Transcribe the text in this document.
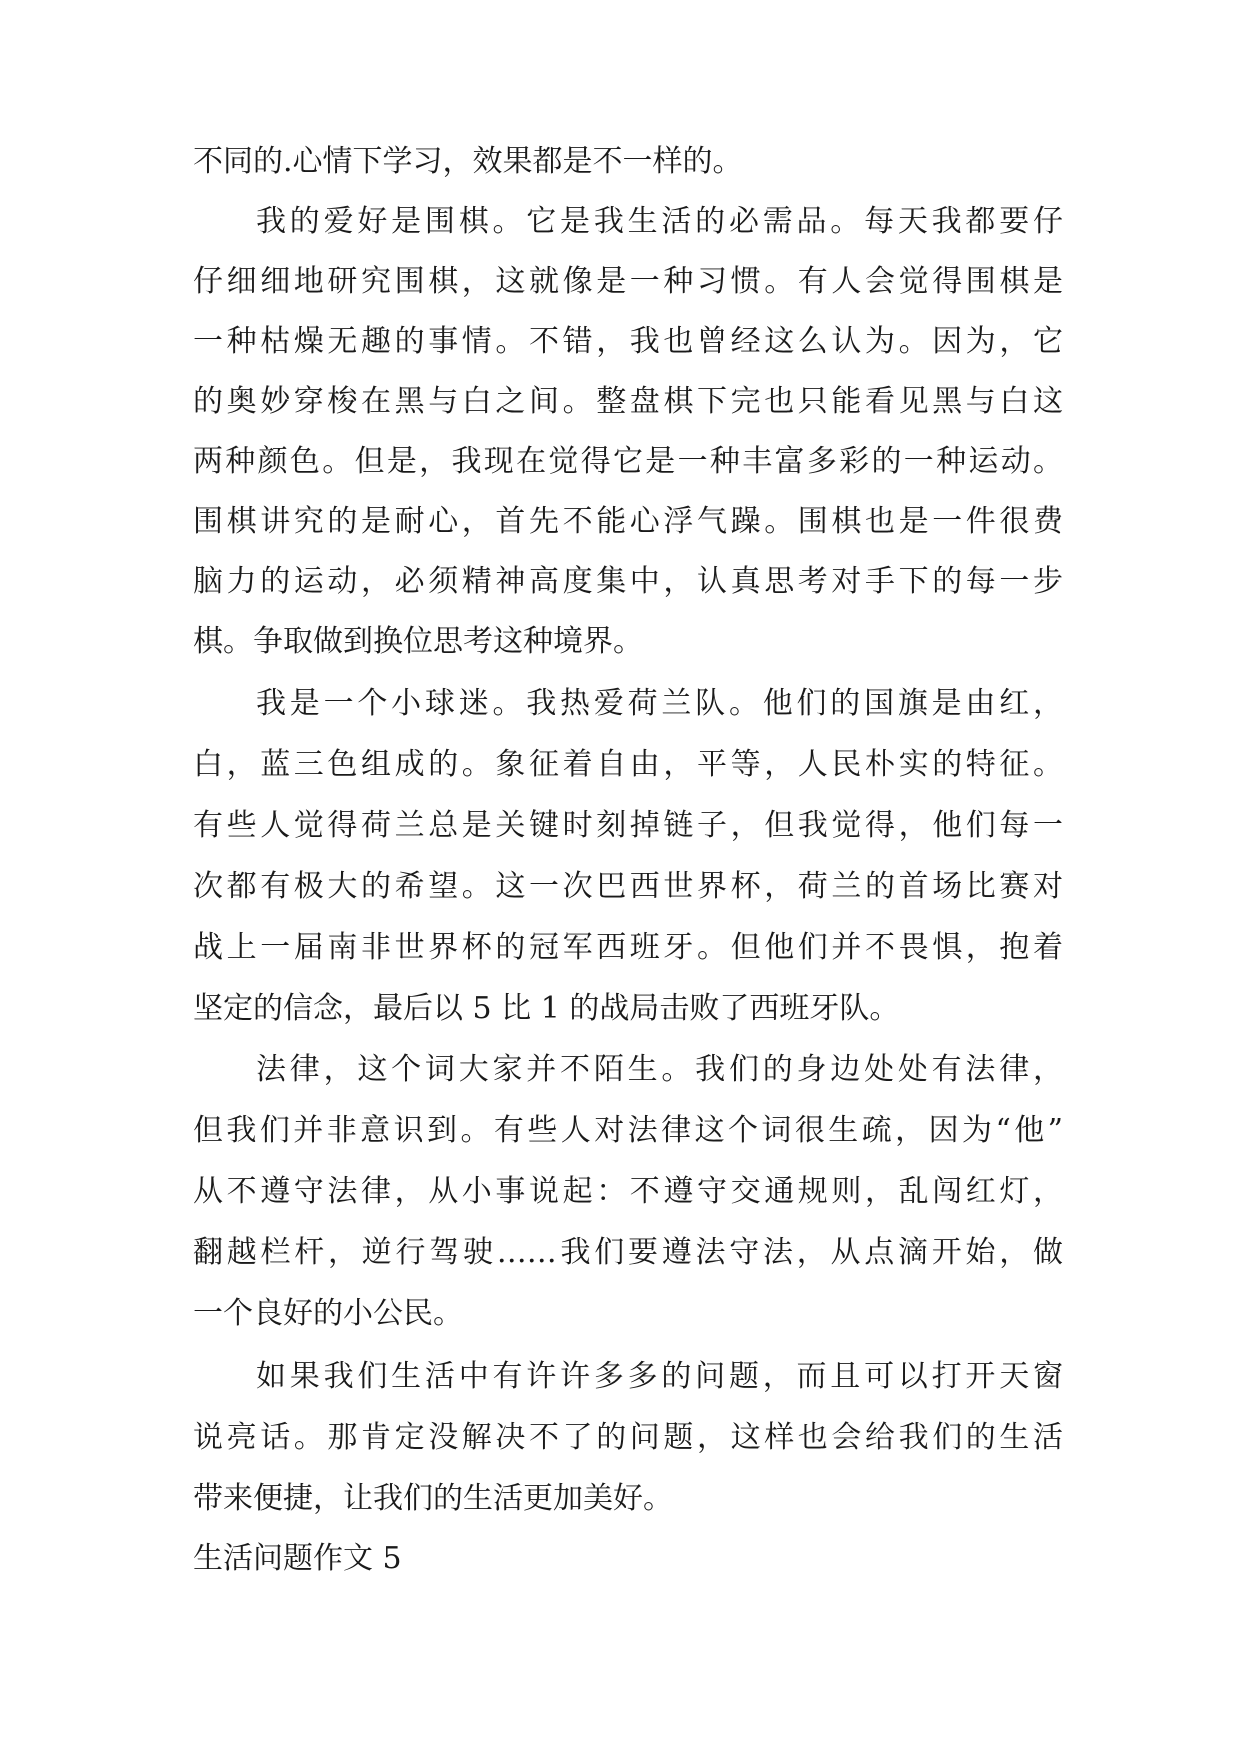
不同的.心情下学习，效果都是不一样的。
我的爱好是围棋。它是我生活的必需品。每天我都要仔
仔细细地研究围棋，这就像是一种习惯。有人会觉得围棋是
一种枯燥无趣的事情。不错，我也曾经这么认为。因为，它
的奥妙穿梭在黑与白之间。整盘棋下完也只能看见黑与白这
两种颜色。但是，我现在觉得它是一种丰富多彩的一种运动。
围棋讲究的是耐心，首先不能心浮气躁。围棋也是一件很费
脑力的运动，必须精神高度集中，认真思考对手下的每一步
棋。争取做到换位思考这种境界。
我是一个小球迷。我热爱荷兰队。他们的国旗是由红，
白，蓝三色组成的。象征着自由，平等，人民朴实的特征。
有些人觉得荷兰总是关键时刻掉链子，但我觉得，他们每一
次都有极大的希望。这一次巴西世界杯，荷兰的首场比赛对
战上一届南非世界杯的冠军西班牙。但他们并不畏惧，抱着
坚定的信念，最后以 5 比 1 的战局击败了西班牙队。
法律，这个词大家并不陌生。我们的身边处处有法律，
但我们并非意识到。有些人对法律这个词很生疏，因为“他”
从不遵守法律，从小事说起：不遵守交通规则，乱闯红灯，
翻越栏杆，逆行驾驶……我们要遵法守法，从点滴开始，做
一个良好的小公民。
如果我们生活中有许许多多的问题，而且可以打开天窗
说亮话。那肯定没解决不了的问题，这样也会给我们的生活
带来便捷，让我们的生活更加美好。
生活问题作文 5
